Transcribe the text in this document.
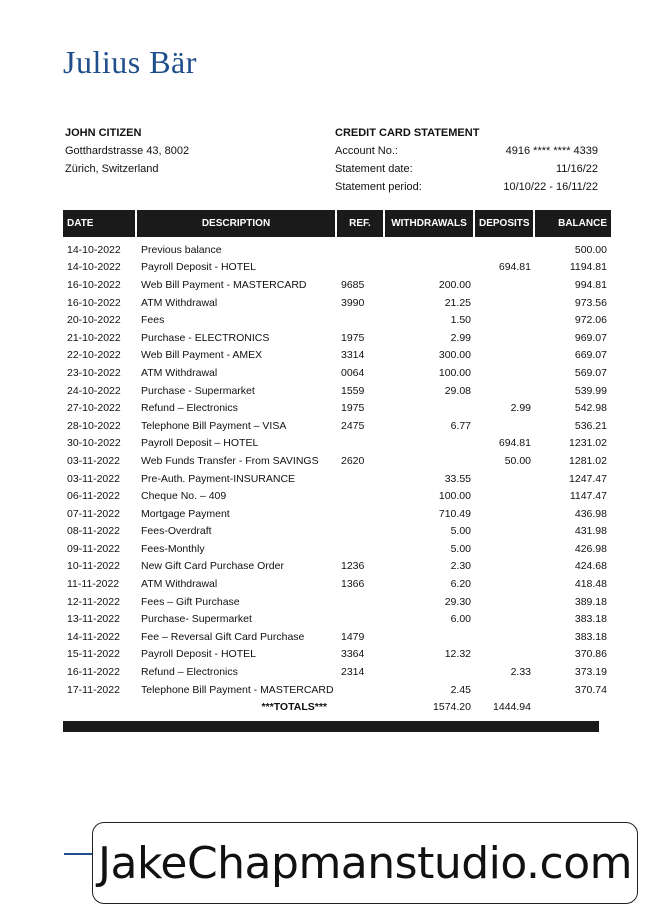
Julius Bär
JOHN CITIZEN
Gotthardstrasse 43, 8002
Zürich, Switzerland
CREDIT CARD STATEMENT
Account No.:	4916 **** **** 4339
Statement date:	11/16/22
Statement period:	10/10/22 - 16/11/22
DATE	DESCRIPTION	REF.	WITHDRAWALS	DEPOSITS	BALANCE
14-10-2022	Previous balance				500.00
14-10-2022	Payroll Deposit - HOTEL			694.81	1194.81
16-10-2022	Web Bill Payment - MASTERCARD	9685	200.00		994.81
16-10-2022	ATM Withdrawal	3990	21.25		973.56
20-10-2022	Fees		1.50		972.06
21-10-2022	Purchase - ELECTRONICS	1975	2.99		969.07
22-10-2022	Web Bill Payment - AMEX	3314	300.00		669.07
23-10-2022	ATM Withdrawal	0064	100.00		569.07
24-10-2022	Purchase - Supermarket	1559	29.08		539.99
27-10-2022	Refund – Electronics	1975		2.99	542.98
28-10-2022	Telephone Bill Payment – VISA	2475	6.77		536.21
30-10-2022	Payroll Deposit – HOTEL			694.81	1231.02
03-11-2022	Web Funds Transfer - From SAVINGS	2620		50.00	1281.02
03-11-2022	Pre-Auth. Payment-INSURANCE		33.55		1247.47
06-11-2022	Cheque No. – 409		100.00		1147.47
07-11-2022	Mortgage Payment		710.49		436.98
08-11-2022	Fees-Overdraft		5.00		431.98
09-11-2022	Fees-Monthly		5.00		426.98
10-11-2022	New Gift Card Purchase Order	1236	2.30		424.68
11-11-2022	ATM Withdrawal	1366	6.20		418.48
12-11-2022	Fees – Gift Purchase		29.30		389.18
13-11-2022	Purchase- Supermarket		6.00		383.18
14-11-2022	Fee – Reversal Gift Card Purchase	1479			383.18
15-11-2022	Payroll Deposit - HOTEL	3364	12.32		370.86
16-11-2022	Refund – Electronics	2314		2.33	373.19
17-11-2022	Telephone Bill Payment - MASTERCARD		2.45		370.74
	***TOTALS***		1574.20	1444.94	
JakeChapmanstudio.com
